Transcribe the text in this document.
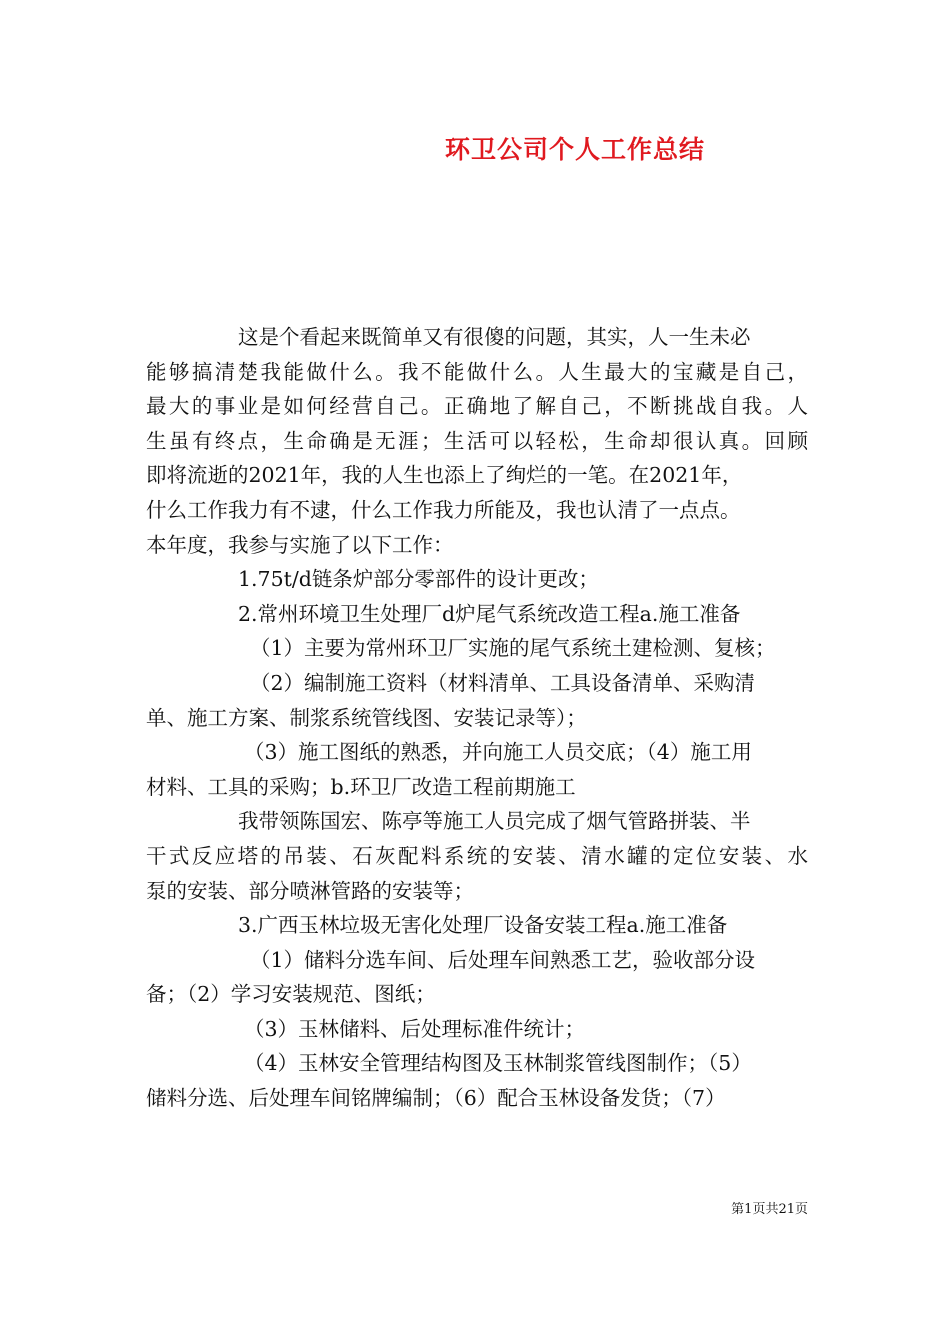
环卫公司个人工作总结
这是个看起来既简单又有很傻的问题，其实，人一生未必
能够搞清楚我能做什么。我不能做什么。人生最大的宝藏是自己，
最大的事业是如何经营自己。正确地了解自己，不断挑战自我。人
生虽有终点，生命确是无涯；生活可以轻松，生命却很认真。回顾
即将流逝的2021年，我的人生也添上了绚烂的一笔。在2021年，
什么工作我力有不逮，什么工作我力所能及，我也认清了一点点。
本年度，我参与实施了以下工作：
1.75t/d链条炉部分零部件的设计更改；
2.常州环境卫生处理厂d炉尾气系统改造工程a.施工准备
（1）主要为常州环卫厂实施的尾气系统土建检测、复核；
（2）编制施工资料（材料清单、工具设备清单、采购清
单、施工方案、制浆系统管线图、安装记录等）；
（3）施工图纸的熟悉，并向施工人员交底；（4）施工用
材料、工具的采购；b.环卫厂改造工程前期施工
我带领陈国宏、陈亭等施工人员完成了烟气管路拼装、半
干式反应塔的吊装、石灰配料系统的安装、清水罐的定位安装、水
泵的安装、部分喷淋管路的安装等；
3.广西玉林垃圾无害化处理厂设备安装工程a.施工准备
（1）储料分选车间、后处理车间熟悉工艺，验收部分设
备；（2）学习安装规范、图纸；
（3）玉林储料、后处理标准件统计；
（4）玉林安全管理结构图及玉林制浆管线图制作；（5）
储料分选、后处理车间铭牌编制；（6）配合玉林设备发货；（7）
第1页共21页
